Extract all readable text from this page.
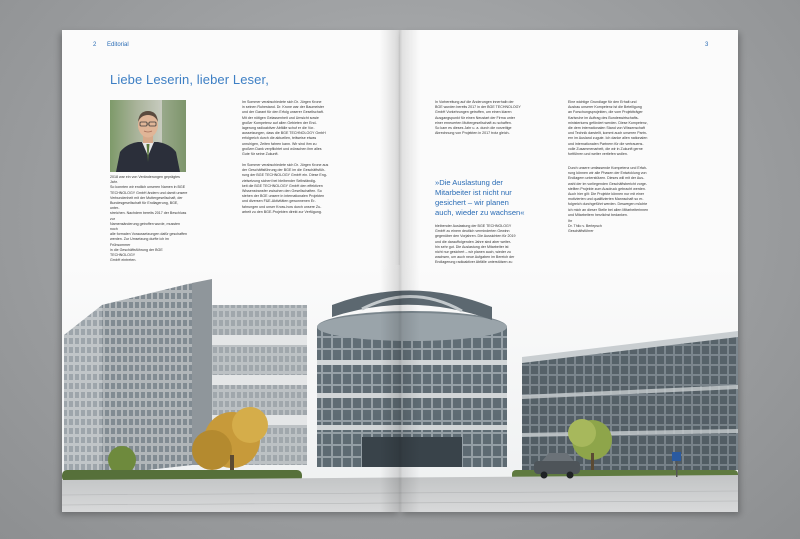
2 Editorial
Liebe Leserin, lieber Leser,
2018 war ein von Veränderungen geprägtes Jahr.
So konnten wir endlich unseren Namen in BGE
TECHNOLOGY GmbH ändern und damit unsere
Verbundenheit mit der Muttergesellschaft, der
Bundesgesellschaft für Endlagerung, BGE, unter-
streichen. Nachdem bereits 2017 der Beschluss zur
Namensänderung getroffen wurde, mussten noch
alle formalen Voraussetzungen dafür geschaffen
werden. Zur Umsetzung durfte ich im Frühsommer
in die Geschäftsführung der BGE TECHNOLOGY
GmbH eintreten.
Im Sommer verabschiedete sich Dr. Jürgen Krone
in seinen Ruhestand. Dr. Krone war der Baumeister
und der Garant für den Erfolg unserer Gesellschaft.
Mit der nötigen Gelassenheit und Umsicht sowie
großer Kompetenz auf allen Gebieten der End-
lagerung radioaktiver Abfälle schuf er die Vor-
aussetzungen, dass die BGE TECHNOLOGY GmbH
erfolgreich durch die aktuellen, teilweise etwas
unruhigen, Zeiten fahren kann. Wir sind ihm zu
großem Dank verpflichtet und wünschen ihm alles
Gute für seine Zukunft.
Im Sommer verabschiedete sich Dr. Jürgen Krone aus
der Geschäftsführung der BGE im die Geschäftsfüh-
rung der BGE TECHNOLOGY GmbH ein. Diese Eng-
zielsetzung sichert bei bleibender Selbständig-
keit die BGE TECHNOLOGY GmbH den effektiven
Wissenstransfer zwischen den Gesellschaften. So
stehen der BGE unsere in internationalen Projekten
und diversen F&E-Aktivitäten gewonnenen Er-
fahrungen und unser Know-how durch unsere Zu-
arbeit zu den BGE-Projekten direkt zur Verfügung.
3
In Vorbereitung auf die Änderungen innerhalb der
BGE wurden bereits 2017 in der BGE TECHNOLOGY
GmbH Vorkehrungen getroffen, um einen klaren
Ausgangspunkt für einen Neustart der Firma unter
einer erneuerten Muttergesellschaft zu schaffen.
So kam es dieses Jahr u. a. durch die vorzeitige
Abrechnung von Projekten in 2017 trotz gleich-
»Die Auslastung der
Mitarbeiter ist nicht nur
gesichert – wir planen
auch, wieder zu wachsen«
bleibender Auslastung der BGE TECHNOLOGY
GmbH zu einem deutlich verminderten Gewinn
gegenüber den Vorjahren. Die Aussichten für 2019
und die darauffolgenden Jahre sind aber weiter-
hin sehr gut. Die Auslastung der Mitarbeiter ist
nicht nur gesichert – wir planen auch, wieder zu
wachsen, um auch neue Aufgaben im Bereich der
Endlagerung radioaktiver Abfälle unterstützen zu

Eine wichtige Grundlage für den Erhalt und
Ausbau unserer Kompetenz ist die Beteiligung
an Forschungsprojekten, die vom Projektträger
Karlsruhe im Auftrag des Bundeswirtschafts-
ministeriums gefördert werden. Diese Kompetenz,
die dem internationalen Stand von Wissenschaft
und Technik darstellt, kommt auch unseren Partn-
ern im Ausland zugute. Ich danke allen nationalen
und internationalen Partnern für die vertrauens-
volle Zusammenarbeit, die wir in Zukunft gerne
fortführen und weiter vertiefen wollen.
Durch unsere umfassende Kompetenz und Erfah-
rung können wir alle Phasen der Entwicklung von
Endlagern unterstützen. Dieses will mit der Aus-
wahl der im vorliegenden Geschäftsbericht vorge-
stellten Projekte zum Ausdruck gebracht werden.
Auch hier gilt: Die Projekte können nur mit einer
motivierten und qualifizierten Mannschaft so er-
folgreich durchgeführt werden. Deswegen möchte
ich mich an dieser Stelle bei allen Mitarbeiterinnen
und Mitarbeitern herzlichst bedanken.
Ihr
Dr. Thilo v. Berlepsch
Geschäftsführer
